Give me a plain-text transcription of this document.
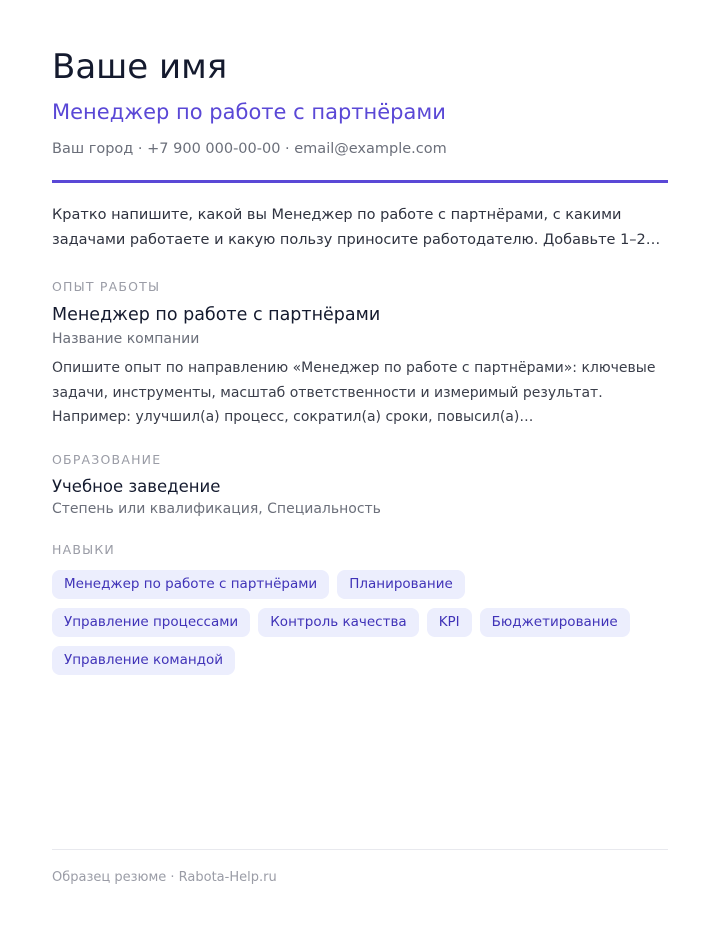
Ваше имя
Менеджер по работе с партнёрами
Ваш город · +7 900 000-00-00 · email@example.com
Кратко напишите, какой вы Менеджер по работе с партнёрами, с какими задачами работаете и какую пользу приносите работодателю. Добавьте 1–2…
ОПЫТ РАБОТЫ
Менеджер по работе с партнёрами
Название компании
Опишите опыт по направлению «Менеджер по работе с партнёрами»: ключевые задачи, инструменты, масштаб ответственности и измеримый результат. Например: улучшил(а) процесс, сократил(а) сроки, повысил(а)…
ОБРАЗОВАНИЕ
Учебное заведение
Степень или квалификация, Специальность
НАВЫКИ
Менеджер по работе с партнёрами	Планирование
Управление процессами	Контроль качества	KPI	Бюджетирование
Управление командой
Образец резюме · Rabota-Help.ru
